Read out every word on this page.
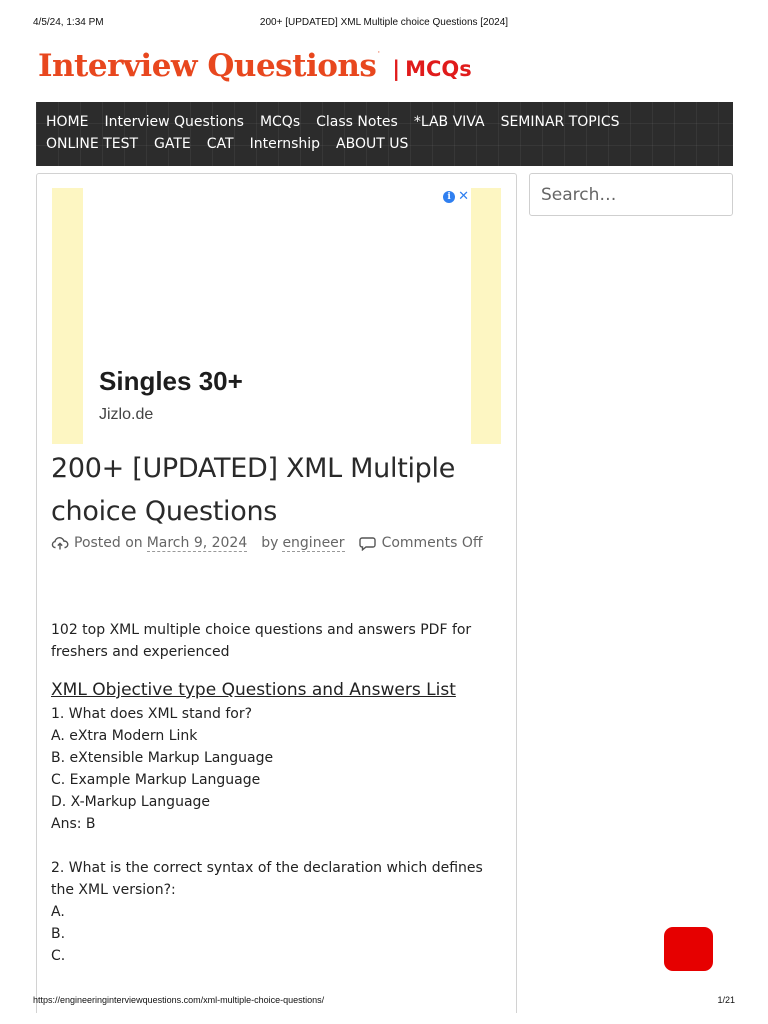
4/5/24, 1:34 PM	200+ [UPDATED] XML Multiple choice Questions [2024]
Interview Questions· | MCQs
HOME Interview Questions MCQs Class Notes *LAB VIVA SEMINAR TOPICS
ONLINE TEST GATE CAT Internship ABOUT US
i ✕
Singles 30+
Jizlo.de
200+ [UPDATED] XML Multiple choice Questions
Posted on March 9, 2024 by engineer	Comments Off

102 top XML multiple choice questions and answers PDF for freshers and experienced

XML Objective type Questions and Answers List
1. What does XML stand for?
A. eXtra Modern Link
B. eXtensible Markup Language
C. Example Markup Language
D. X-Markup Language
Ans: B
2. What is the correct syntax of the declaration which defines the XML version?:
A.
B.
C.
Search…
https://engineeringinterviewquestions.com/xml-multiple-choice-questions/	1/21
